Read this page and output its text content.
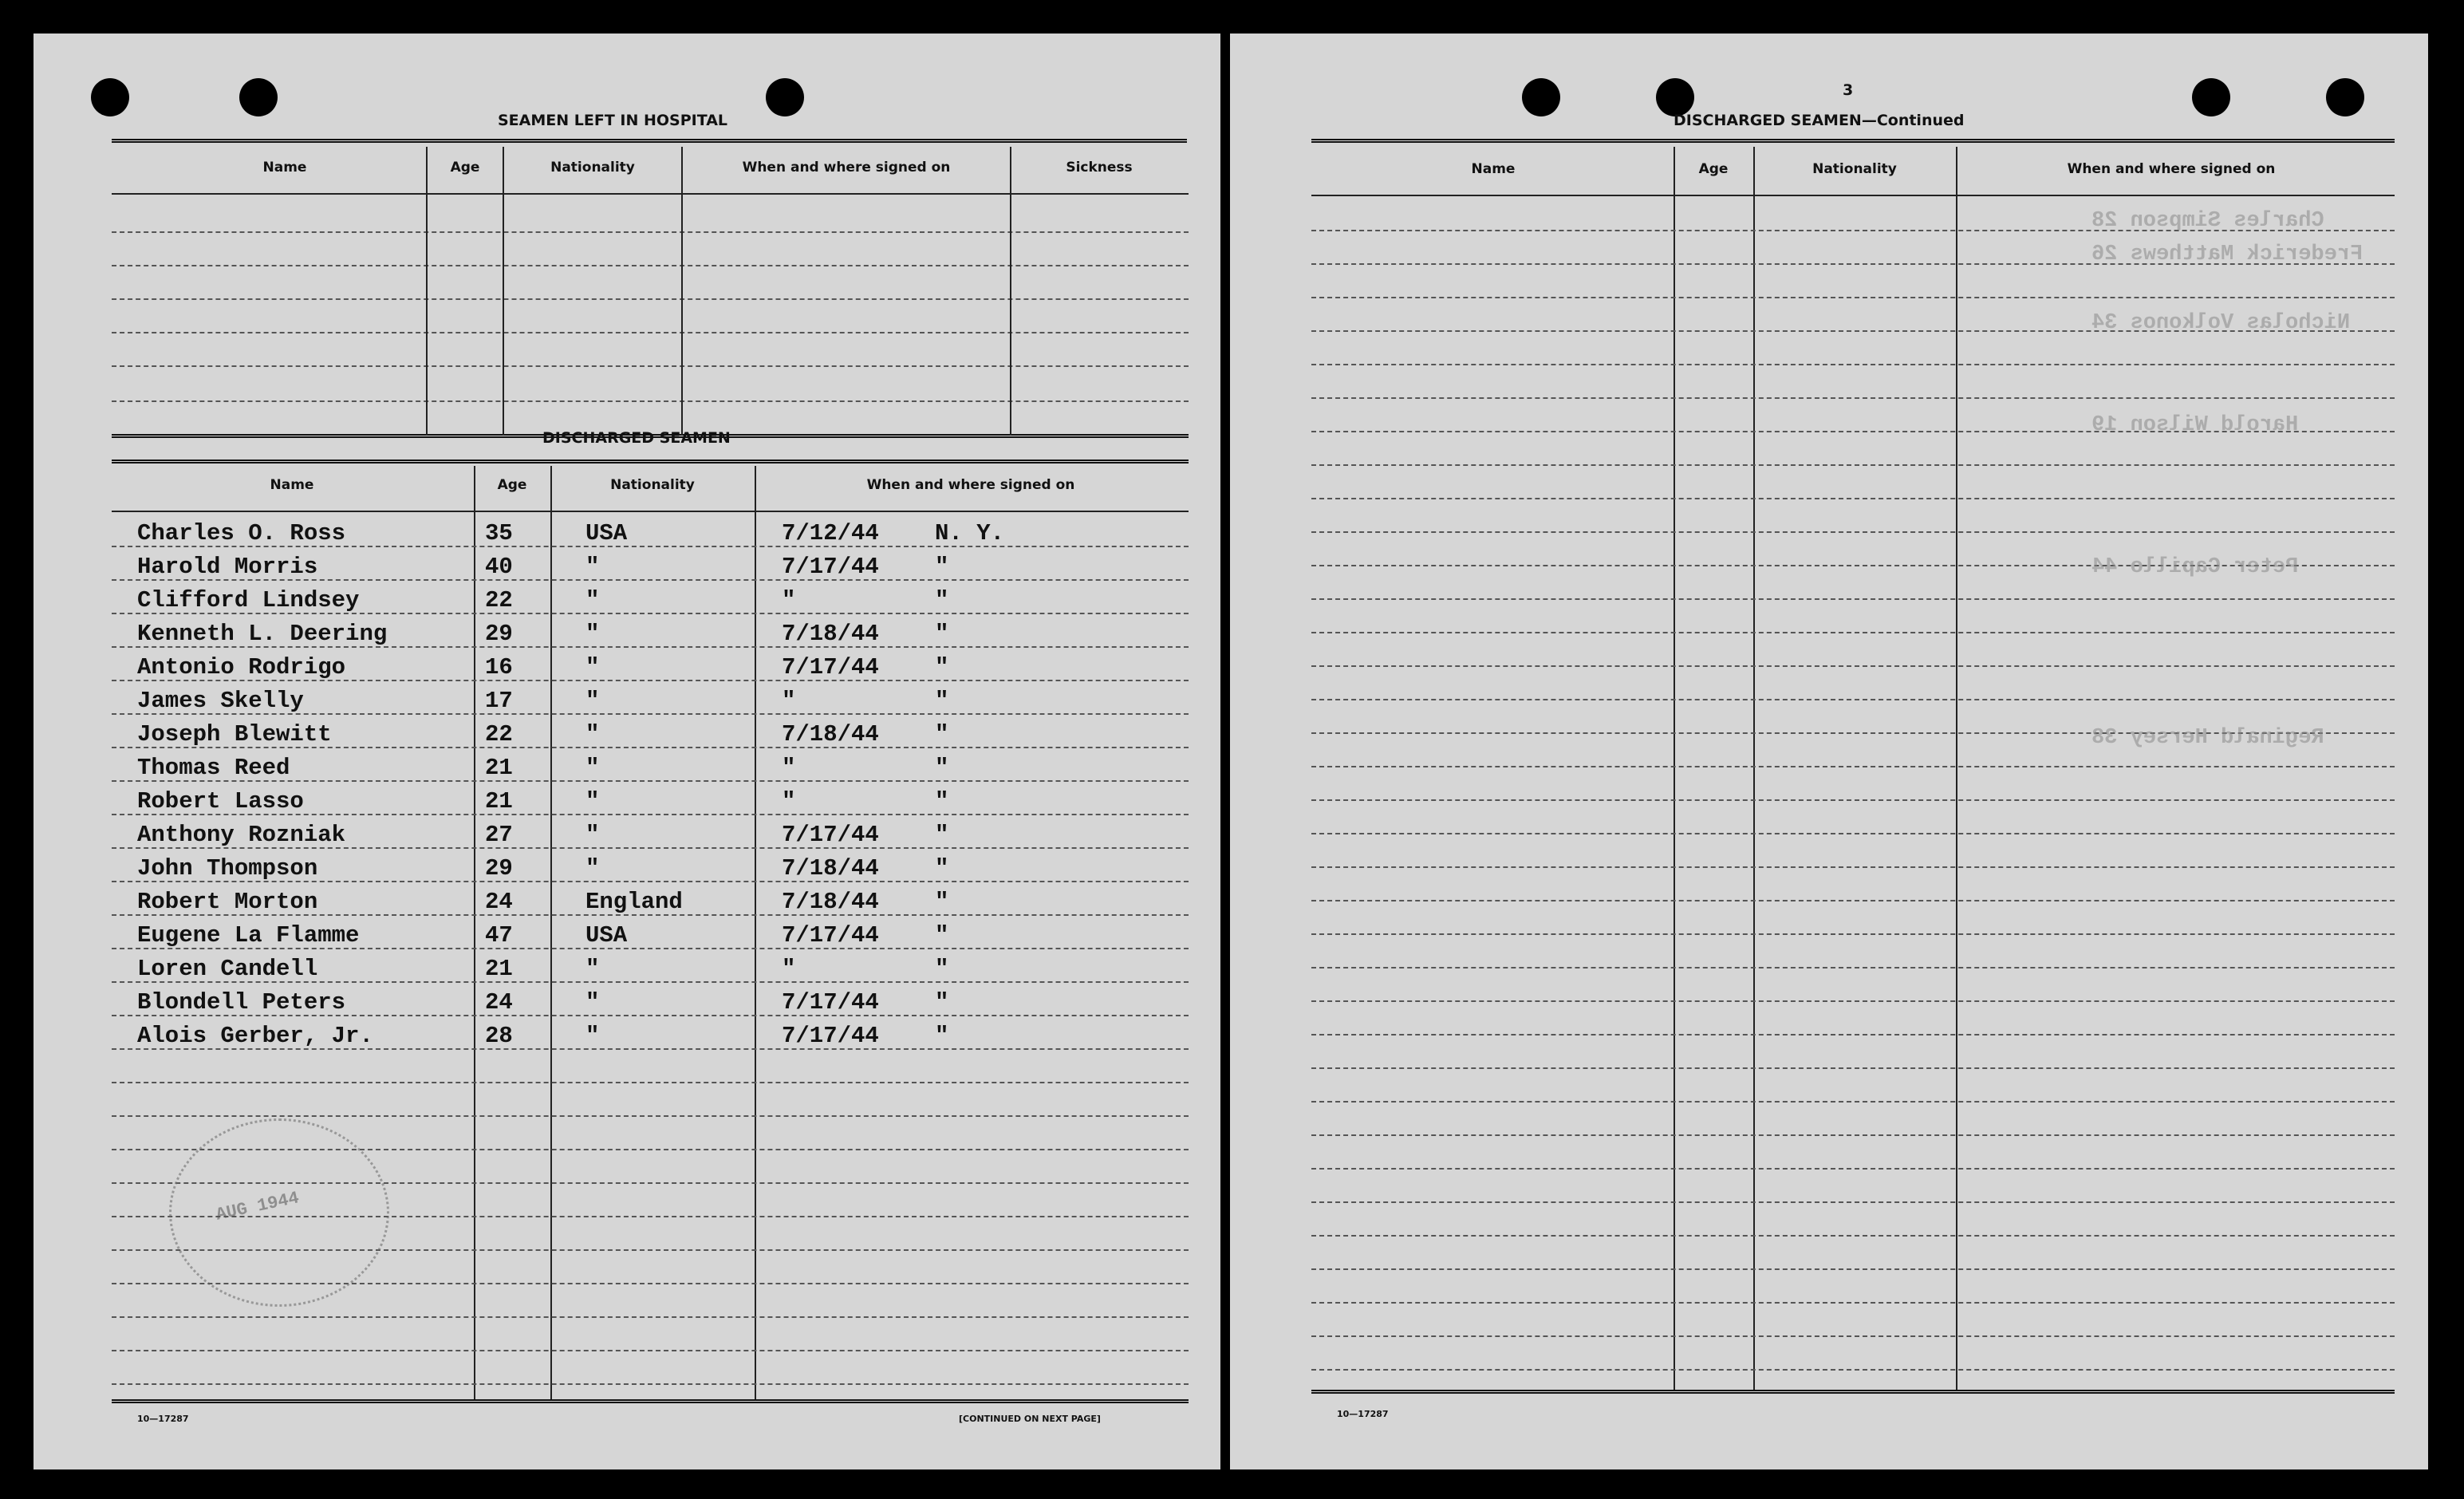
SEAMEN LEFT IN HOSPITAL
Name	Age	Nationality	When and where signed on	Sickness
DISCHARGED SEAMEN
Name	Age	Nationality	When and where signed on
Charles O. Ross	35	USA	7/12/44 N. Y.
Harold Morris	40	"	7/17/44 "
Clifford Lindsey	22	"	"	"
Kenneth L. Deering	29	"	7/18/44 "
Antonio Rodrigo	16	"	7/17/44 "
James Skelly	17	"	"	"
Joseph Blewitt	22	"	7/18/44 "
Thomas Reed	21	"	"	"
Robert Lasso	21	"	"	"
Anthony Rozniak	27	"	7/17/44 "
John Thompson	29	"	7/18/44 "
Robert Morton	24	England	7/18/44 "
Eugene La Flamme	47	USA	7/17/44 "
Loren Candell	21	"	"	"
Blondell Peters	24	"	7/17/44 "
Alois Gerber, Jr.	28	"	7/17/44 "
AUG 1944
10—17287	[CONTINUED ON NEXT PAGE]
3
DISCHARGED SEAMEN—Continued
Name	Age	Nationality	When and where signed on
Charles Simpson 28
Frederick Matthews 26
Nicholas Volkonos 34
Harold Wilson 19
Peter Capillo 44
Reginald Hersey 38
10—17287
